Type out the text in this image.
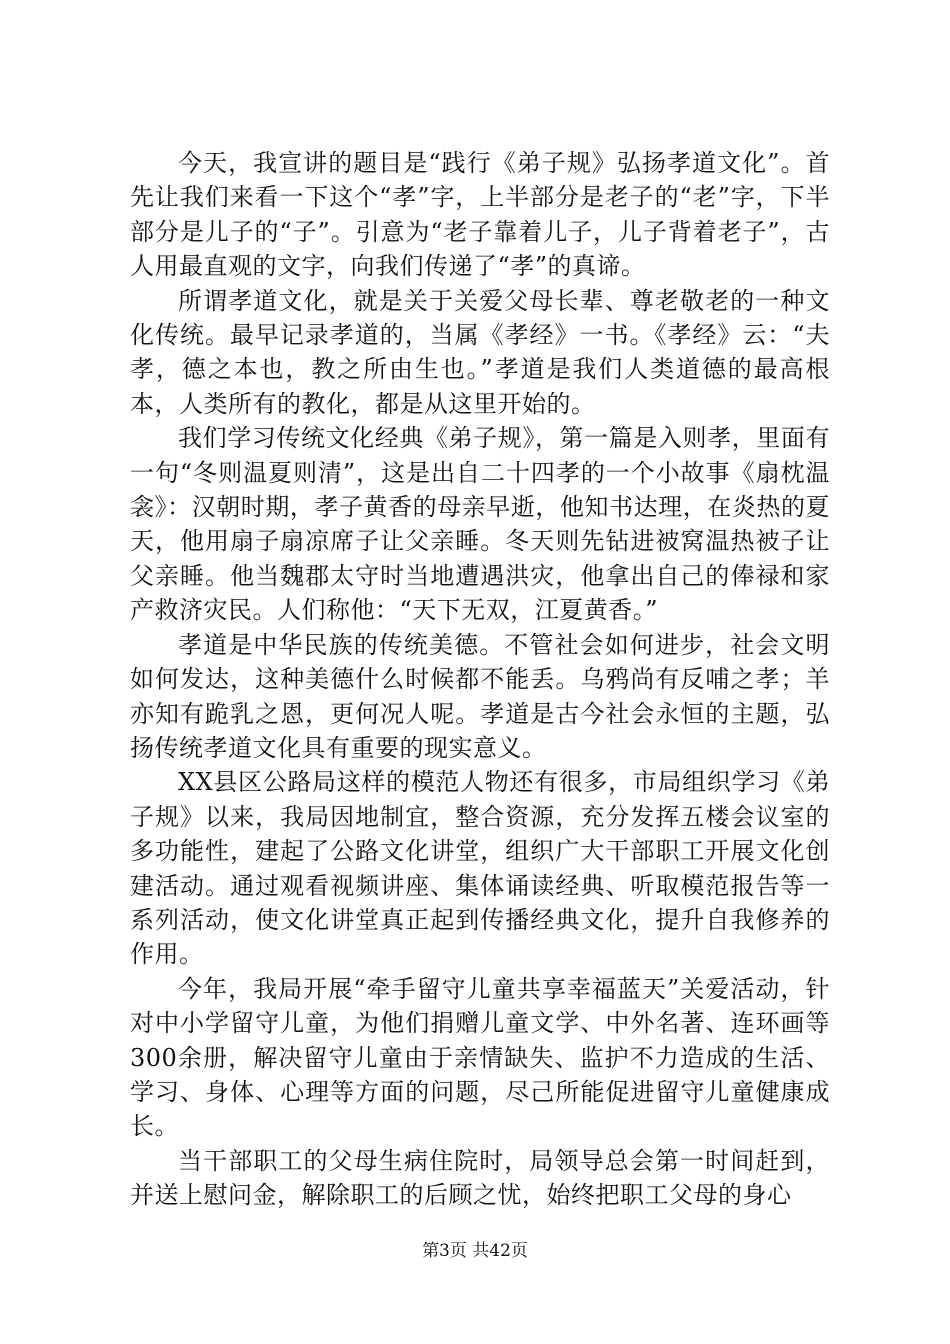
今天，我宣讲的题目是“践行《弟子规》弘扬孝道文化”。首先让我们来看一下这个“孝”字，上半部分是老子的“老”字，下半部分是儿子的“子”。引意为“老子靠着儿子，儿子背着老子”，古人用最直观的文字，向我们传递了“孝”的真谛。

所谓孝道文化，就是关于关爱父母长辈、尊老敬老的一种文化传统。最早记录孝道的，当属《孝经》一书。《孝经》云：“夫孝，德之本也，教之所由生也。”孝道是我们人类道德的最高根本，人类所有的教化，都是从这里开始的。

我们学习传统文化经典《弟子规》，第一篇是入则孝，里面有一句“冬则温夏则清”，这是出自二十四孝的一个小故事《扇枕温衾》：汉朝时期，孝子黄香的母亲早逝，他知书达理，在炎热的夏天，他用扇子扇凉席子让父亲睡。冬天则先钻进被窝温热被子让父亲睡。他当魏郡太守时当地遭遇洪灾，他拿出自己的俸禄和家产救济灾民。人们称他：“天下无双，江夏黄香。”

孝道是中华民族的传统美德。不管社会如何进步，社会文明如何发达，这种美德什么时候都不能丢。乌鸦尚有反哺之孝；羊亦知有跪乳之恩，更何况人呢。孝道是古今社会永恒的主题，弘扬传统孝道文化具有重要的现实意义。

XX县区公路局这样的模范人物还有很多，市局组织学习《弟子规》以来，我局因地制宜，整合资源，充分发挥五楼会议室的多功能性，建起了公路文化讲堂，组织广大干部职工开展文化创建活动。通过观看视频讲座、集体诵读经典、听取模范报告等一系列活动，使文化讲堂真正起到传播经典文化，提升自我修养的作用。

今年，我局开展“牵手留守儿童共享幸福蓝天”关爱活动，针对中小学留守儿童，为他们捐赠儿童文学、中外名著、连环画等300余册，解决留守儿童由于亲情缺失、监护不力造成的生活、学习、身体、心理等方面的问题，尽己所能促进留守儿童健康成长。

当干部职工的父母生病住院时，局领导总会第一时间赶到，并送上慰问金，解除职工的后顾之忧，始终把职工父母的身心

第3页 共42页
